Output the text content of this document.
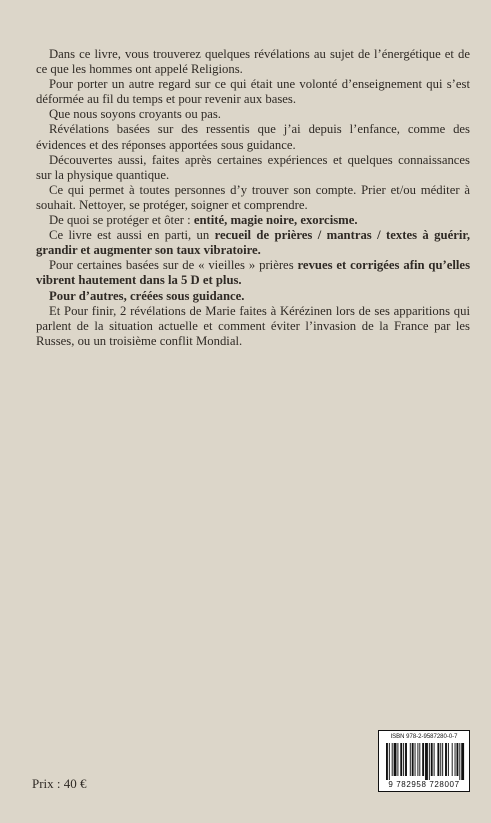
Dans ce livre, vous trouverez quelques révélations au sujet de l’énergétique et de ce que les hommes ont appelé Religions.

Pour porter un autre regard sur ce qui était une volonté d’enseignement qui s’est déformée au fil du temps et pour revenir aux bases.

Que nous soyons croyants ou pas.

Révélations basées sur des ressentis que j’ai depuis l’enfance, comme des évidences et des réponses apportées sous guidance.

Découvertes aussi, faites après certaines expériences et quelques connaissances sur la physique quantique.

Ce qui permet à toutes personnes d’y trouver son compte. Prier et/ou méditer à souhait. Nettoyer, se protéger, soigner et comprendre.

De quoi se protéger et ôter : entité, magie noire, exorcisme.

Ce livre est aussi en parti, un recueil de prières / mantras / textes à guérir, grandir et augmenter son taux vibratoire.

Pour certaines basées sur de « vieilles » prières revues et corrigées afin qu’elles vibrent hautement dans la 5 D et plus.

Pour d’autres, créées sous guidance.

Et Pour finir, 2 révélations de Marie faites à Kérézinen lors de ses apparitions qui parlent de la situation actuelle et comment éviter l’invasion de la France par les Russes, ou un troisième conflit Mondial.

Prix : 40 €
ISBN 978-2-9587280-0-7
9 782958 728007
